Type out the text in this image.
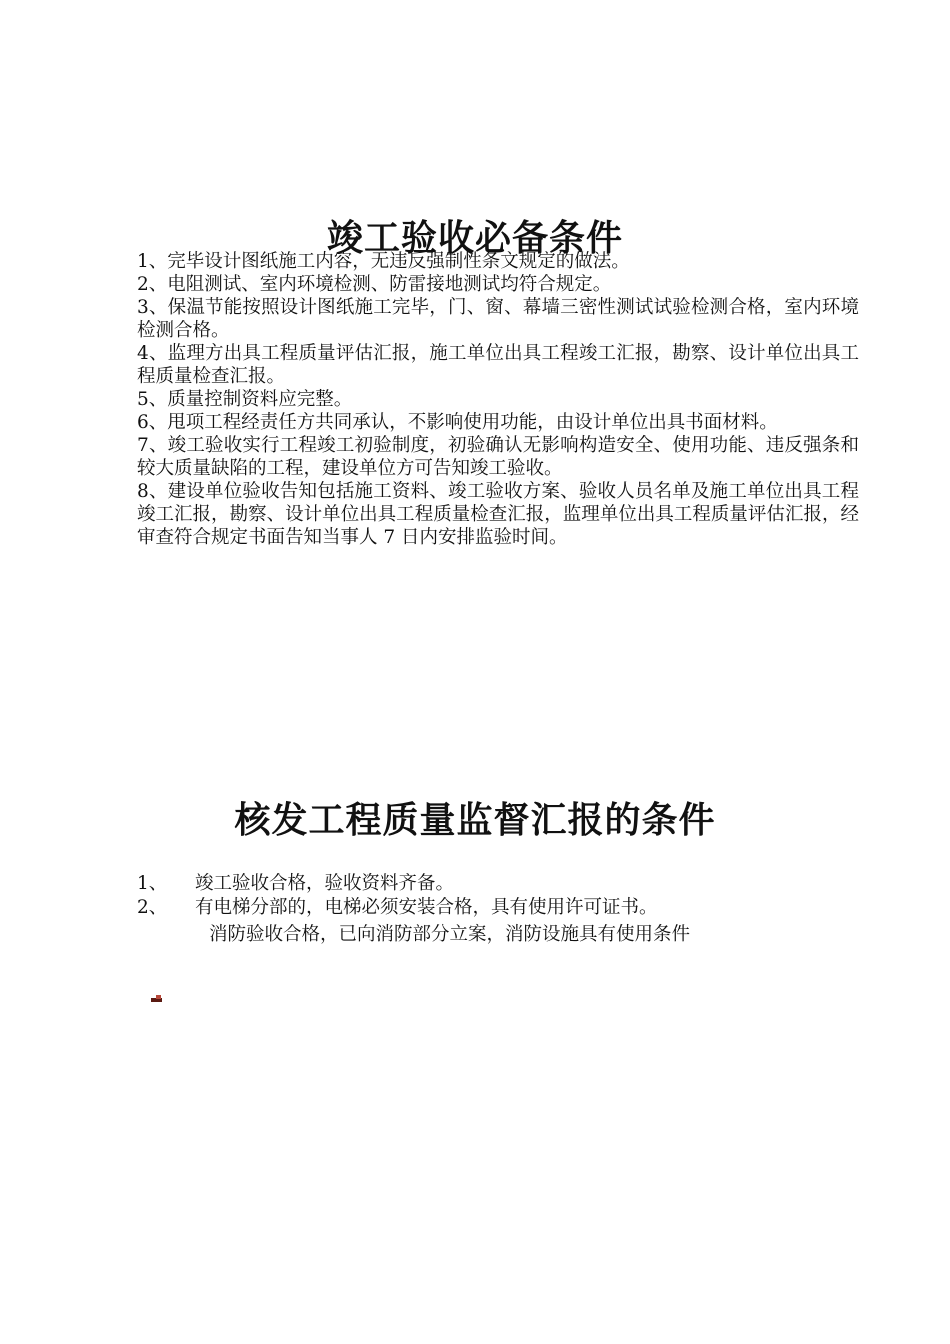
竣工验收必备条件
1、完毕设计图纸施工内容，无违反强制性条文规定的做法。
2、电阻测试、室内环境检测、防雷接地测试均符合规定。
3、保温节能按照设计图纸施工完毕，门、窗、幕墙三密性测试试验检测合格，室内环境检测合格。
4、监理方出具工程质量评估汇报，施工单位出具工程竣工汇报，勘察、设计单位出具工程质量检查汇报。
5、质量控制资料应完整。
6、甩项工程经责任方共同承认，不影响使用功能，由设计单位出具书面材料。
7、竣工验收实行工程竣工初验制度，初验确认无影响构造安全、使用功能、违反强条和较大质量缺陷的工程，建设单位方可告知竣工验收。
8、建设单位验收告知包括施工资料、竣工验收方案、验收人员名单及施工单位出具工程竣工汇报，勘察、设计单位出具工程质量检查汇报，监理单位出具工程质量评估汇报，经审查符合规定书面告知当事人 7 日内安排监验时间。
核发工程质量监督汇报的条件
1、 竣工验收合格，验收资料齐备。
2、 有电梯分部的，电梯必须安装合格，具有使用许可证书。
消防验收合格，已向消防部分立案，消防设施具有使用条件
